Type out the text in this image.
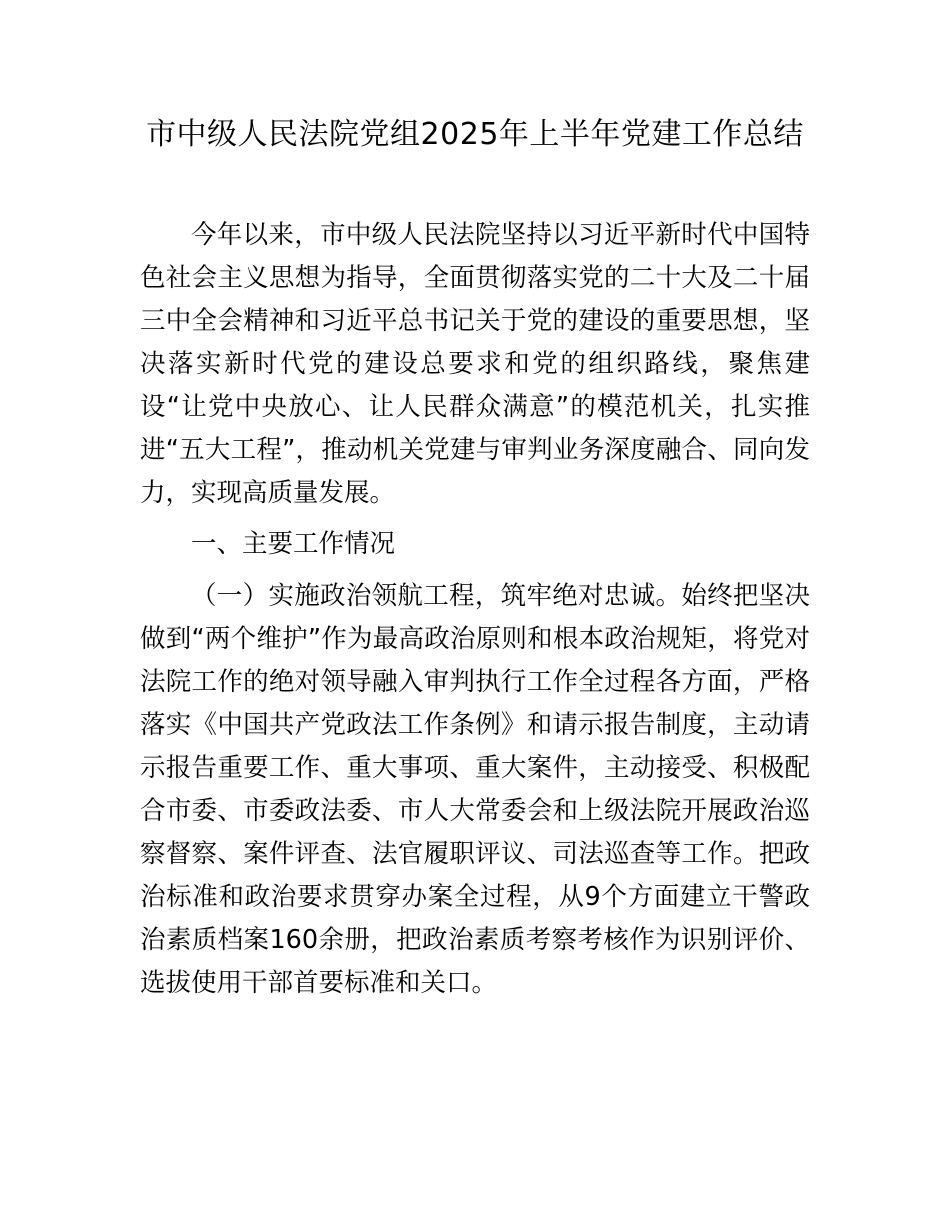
市中级人民法院党组2025年上半年党建工作总结

今年以来，市中级人民法院坚持以习近平新时代中国特色社会主义思想为指导，全面贯彻落实党的二十大及二十届三中全会精神和习近平总书记关于党的建设的重要思想，坚决落实新时代党的建设总要求和党的组织路线，聚焦建设“让党中央放心、让人民群众满意”的模范机关，扎实推进“五大工程”，推动机关党建与审判业务深度融合、同向发力，实现高质量发展。

一、主要工作情况

（一）实施政治领航工程，筑牢绝对忠诚。始终把坚决做到“两个维护”作为最高政治原则和根本政治规矩，将党对法院工作的绝对领导融入审判执行工作全过程各方面，严格落实《中国共产党政法工作条例》和请示报告制度，主动请示报告重要工作、重大事项、重大案件，主动接受、积极配合市委、市委政法委、市人大常委会和上级法院开展政治巡察督察、案件评查、法官履职评议、司法巡查等工作。把政治标准和政治要求贯穿办案全过程，从9个方面建立干警政治素质档案160余册，把政治素质考察考核作为识别评价、选拔使用干部首要标准和关口。
